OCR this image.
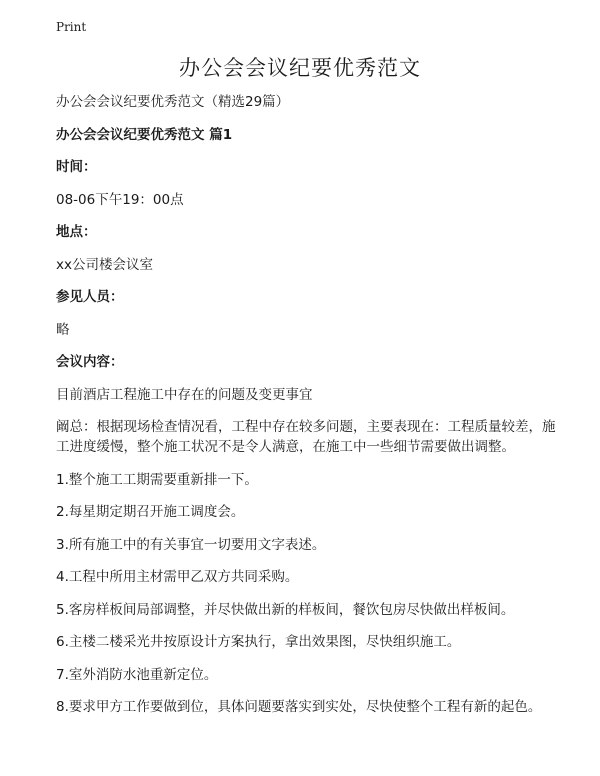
Print
办公会会议纪要优秀范文

办公会会议纪要优秀范文（精选29篇）

办公会会议纪要优秀范文 篇1

时间：

08-06下午19：00点

地点：

xx公司楼会议室

参见人员：

略

会议内容：

目前酒店工程施工中存在的问题及变更事宜

阚总：根据现场检查情况看，工程中存在较多问题，主要表现在：工程质量较差，施工进度缓慢，整个施工状况不是令人满意，在施工中一些细节需要做出调整。

1.整个施工工期需要重新排一下。

2.每星期定期召开施工调度会。

3.所有施工中的有关事宜一切要用文字表述。

4.工程中所用主材需甲乙双方共同采购。

5.客房样板间局部调整，并尽快做出新的样板间，餐饮包房尽快做出样板间。

6.主楼二楼采光井按原设计方案执行，拿出效果图，尽快组织施工。

7.室外消防水池重新定位。

8.要求甲方工作要做到位，具体问题要落实到实处，尽快使整个工程有新的起色。
